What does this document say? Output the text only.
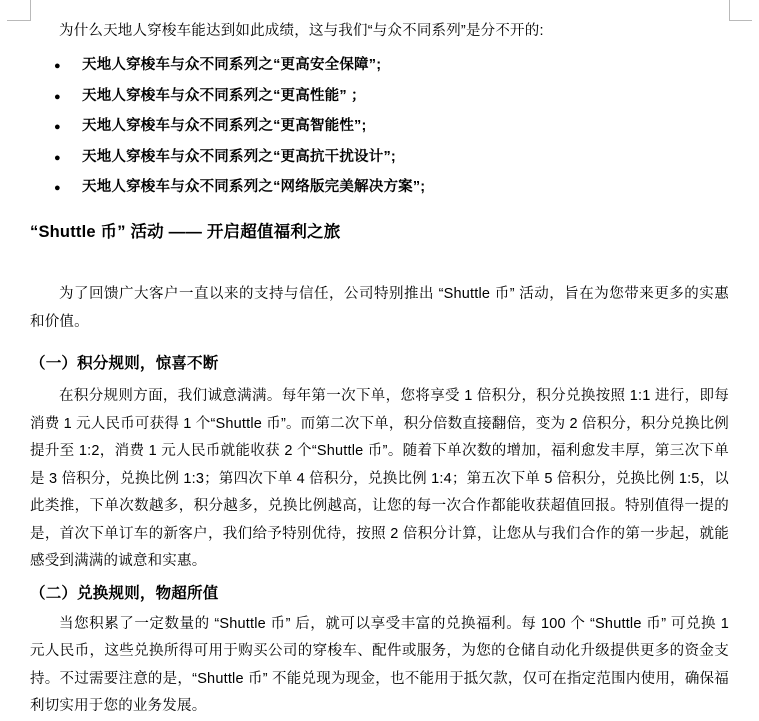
为什么天地人穿梭车能达到如此成绩，这与我们“与众不同系列”是分不开的:

● 天地人穿梭车与众不同系列之“更高安全保障”;
● 天地人穿梭车与众不同系列之“更高性能” ；
● 天地人穿梭车与众不同系列之“更高智能性”;
● 天地人穿梭车与众不同系列之“更高抗干扰设计”;
● 天地人穿梭车与众不同系列之“网络版完美解决方案”;
“Shuttle 币” 活动 —— 开启超值福利之旅

为了回馈广大客户一直以来的支持与信任，公司特别推出 “Shuttle 币” 活动，旨在为您带来更多的实惠和价值。

（一）积分规则，惊喜不断

在积分规则方面，我们诚意满满。每年第一次下单，您将享受 1 倍积分，积分兑换按照 1:1 进行，即每消费 1 元人民币可获得 1 个“Shuttle 币”。而第二次下单，积分倍数直接翻倍，变为 2 倍积分，积分兑换比例提升至 1:2，消费 1 元人民币就能收获 2 个“Shuttle 币”。随着下单次数的增加，福利愈发丰厚，第三次下单是 3 倍积分，兑换比例 1:3；第四次下单 4 倍积分，兑换比例 1:4；第五次下单 5 倍积分，兑换比例 1:5，以此类推，下单次数越多，积分越多，兑换比例越高，让您的每一次合作都能收获超值回报。特别值得一提的是，首次下单订车的新客户，我们给予特别优待，按照 2 倍积分计算，让您从与我们合作的第一步起，就能感受到满满的诚意和实惠。

（二）兑换规则，物超所值

当您积累了一定数量的 “Shuttle 币” 后，就可以享受丰富的兑换福利。每 100 个 “Shuttle 币” 可兑换 1 元人民币，这些兑换所得可用于购买公司的穿梭车、配件或服务，为您的仓储自动化升级提供更多的资金支持。不过需要注意的是，“Shuttle 币” 不能兑现为现金，也不能用于抵欠款，仅可在指定范围内使用，确保福利切实用于您的业务发展。
